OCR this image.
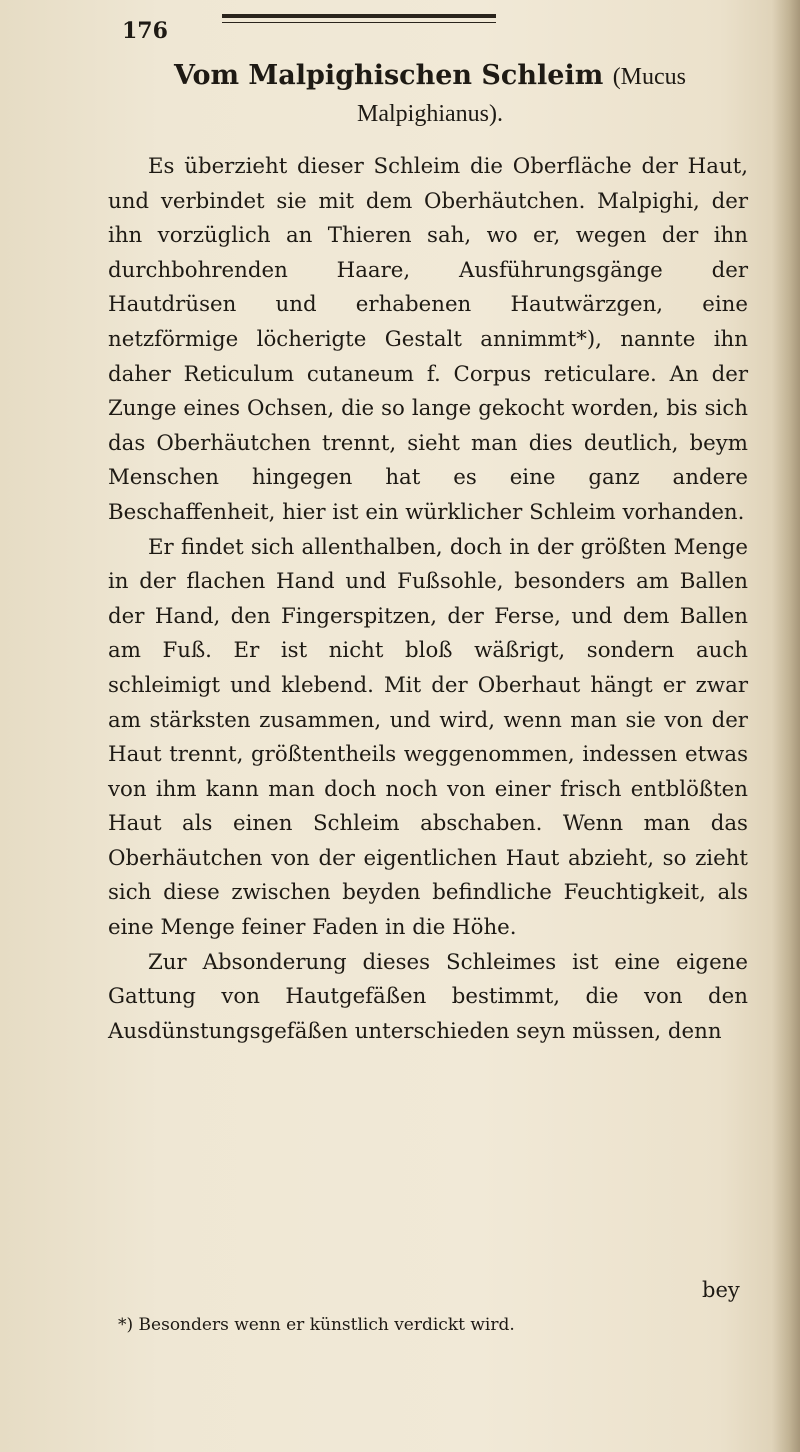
176
Vom Malpighischen Schleim (Mucus Malpighianus).

Es überzieht dieser Schleim die Oberfläche der Haut, und verbindet sie mit dem Oberhäutchen. Malpighi, der ihn vorzüglich an Thieren sah, wo er, wegen der ihn durchbohrenden Haare, Ausführungsgänge der Hautdrüsen und erhabenen Hautwärzgen, eine netzförmige löcherigte Gestalt annimmt*), nannte ihn daher Reticulum cutaneum f. Corpus reticulare. An der Zunge eines Ochsen, die so lange gekocht worden, bis sich das Oberhäutchen trennt, sieht man dies deutlich, beym Menschen hingegen hat es eine ganz andere Beschaffenheit, hier ist ein würklicher Schleim vorhanden.

Er findet sich allenthalben, doch in der größten Menge in der flachen Hand und Fußsohle, besonders am Ballen der Hand, den Fingerspitzen, der Ferse, und dem Ballen am Fuß. Er ist nicht bloß wäßrigt, sondern auch schleimigt und klebend. Mit der Oberhaut hängt er zwar am stärksten zusammen, und wird, wenn man sie von der Haut trennt, größtentheils weggenommen, indessen etwas von ihm kann man doch noch von einer frisch entblößten Haut als einen Schleim abschaben. Wenn man das Oberhäutchen von der eigentlichen Haut abzieht, so zieht sich diese zwischen beyden befindliche Feuchtigkeit, als eine Menge feiner Faden in die Höhe.

Zur Absonderung dieses Schleimes ist eine eigene Gattung von Hautgefäßen bestimmt, die von den Ausdünstungsgefäßen unterschieden seyn müssen, denn

bey
*) Besonders wenn er künstlich verdickt wird.
